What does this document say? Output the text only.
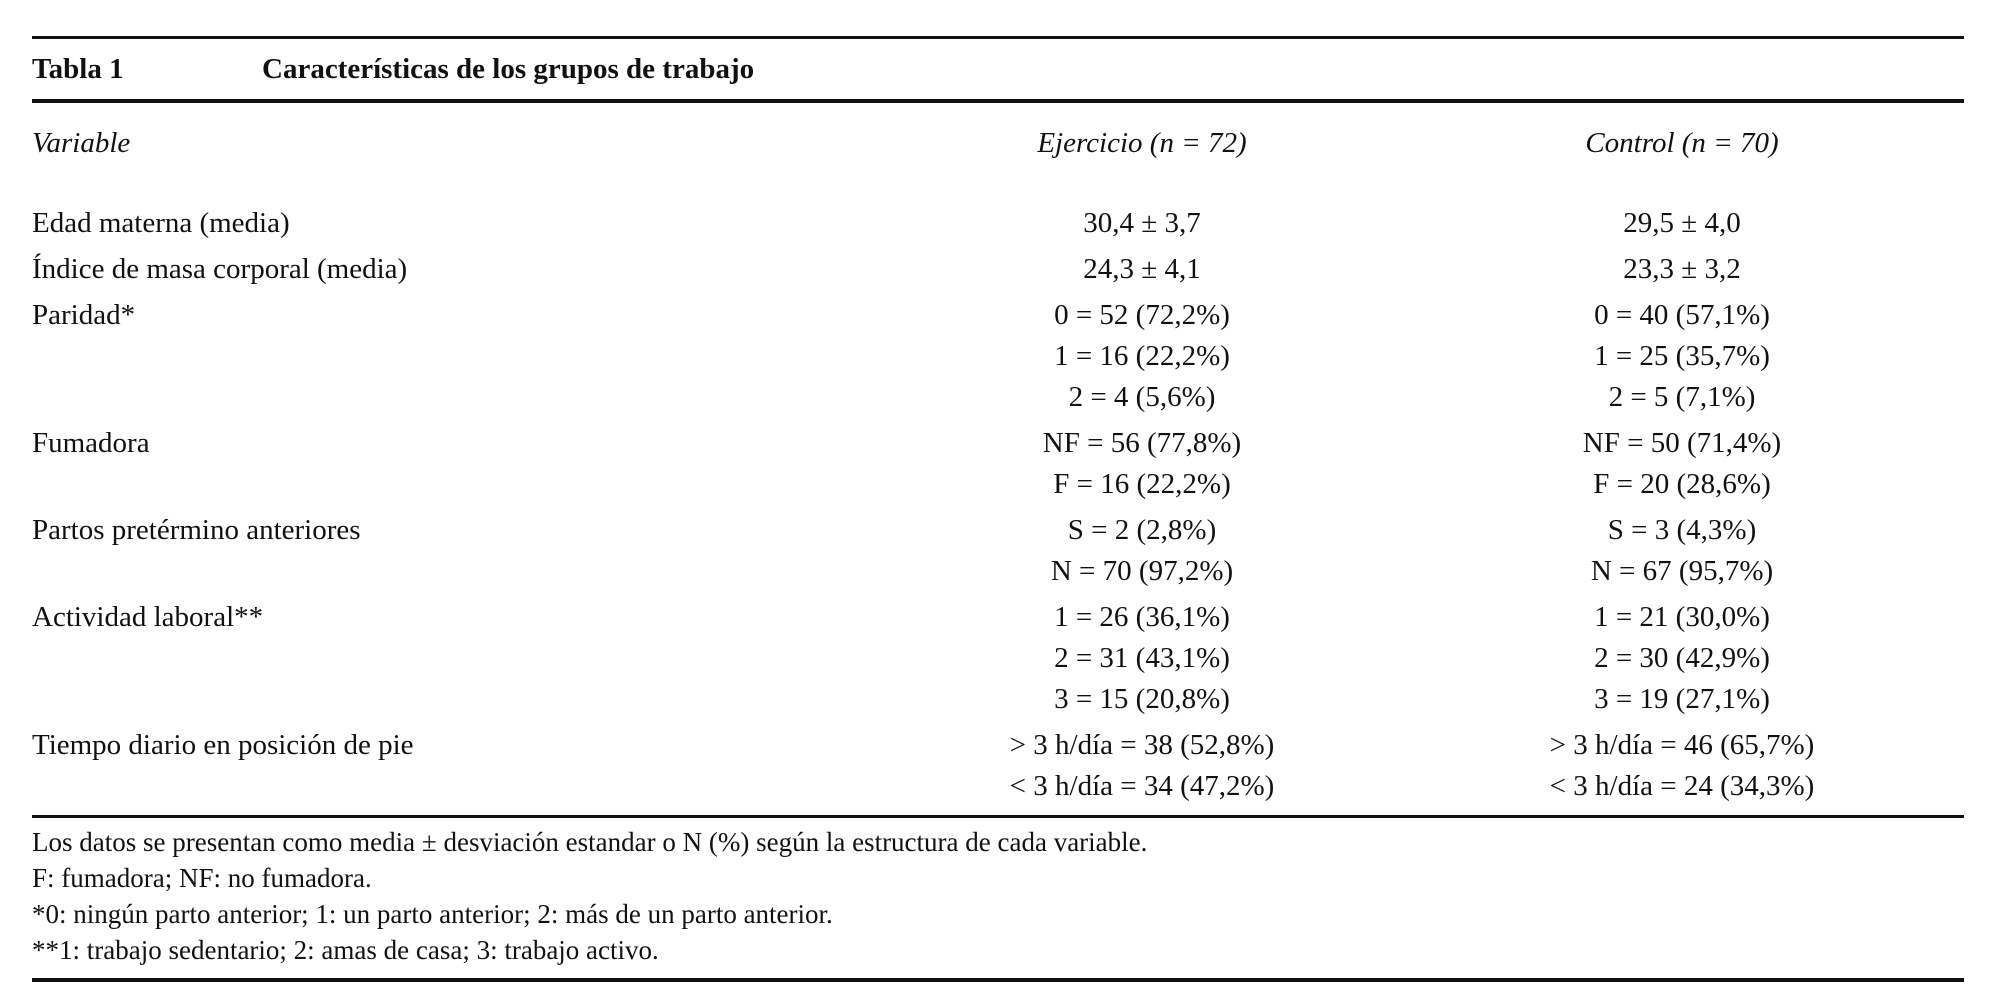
Tabla 1	Características de los grupos de trabajo
Variable	Ejercicio (n = 72)	Control (n = 70)
Edad materna (media)	30,4 ± 3,7	29,5 ± 4,0
Índice de masa corporal (media)	24,3 ± 4,1	23,3 ± 3,2
Paridad*	0 = 52 (72,2%)	0 = 40 (57,1%)
1 = 16 (22,2%)	1 = 25 (35,7%)
2 = 4 (5,6%)	2 = 5 (7,1%)
Fumadora	NF = 56 (77,8%)	NF = 50 (71,4%)
F = 16 (22,2%)	F = 20 (28,6%)
Partos pretérmino anteriores	S = 2 (2,8%)	S = 3 (4,3%)
N = 70 (97,2%)	N = 67 (95,7%)
Actividad laboral**	1 = 26 (36,1%)	1 = 21 (30,0%)
2 = 31 (43,1%)	2 = 30 (42,9%)
3 = 15 (20,8%)	3 = 19 (27,1%)
Tiempo diario en posición de pie	> 3 h/día = 38 (52,8%)	> 3 h/día = 46 (65,7%)
< 3 h/día = 34 (47,2%)	< 3 h/día = 24 (34,3%)
Los datos se presentan como media ± desviación estandar o N (%) según la estructura de cada variable.
F: fumadora; NF: no fumadora.
*0: ningún parto anterior; 1: un parto anterior; 2: más de un parto anterior.
**1: trabajo sedentario; 2: amas de casa; 3: trabajo activo.
